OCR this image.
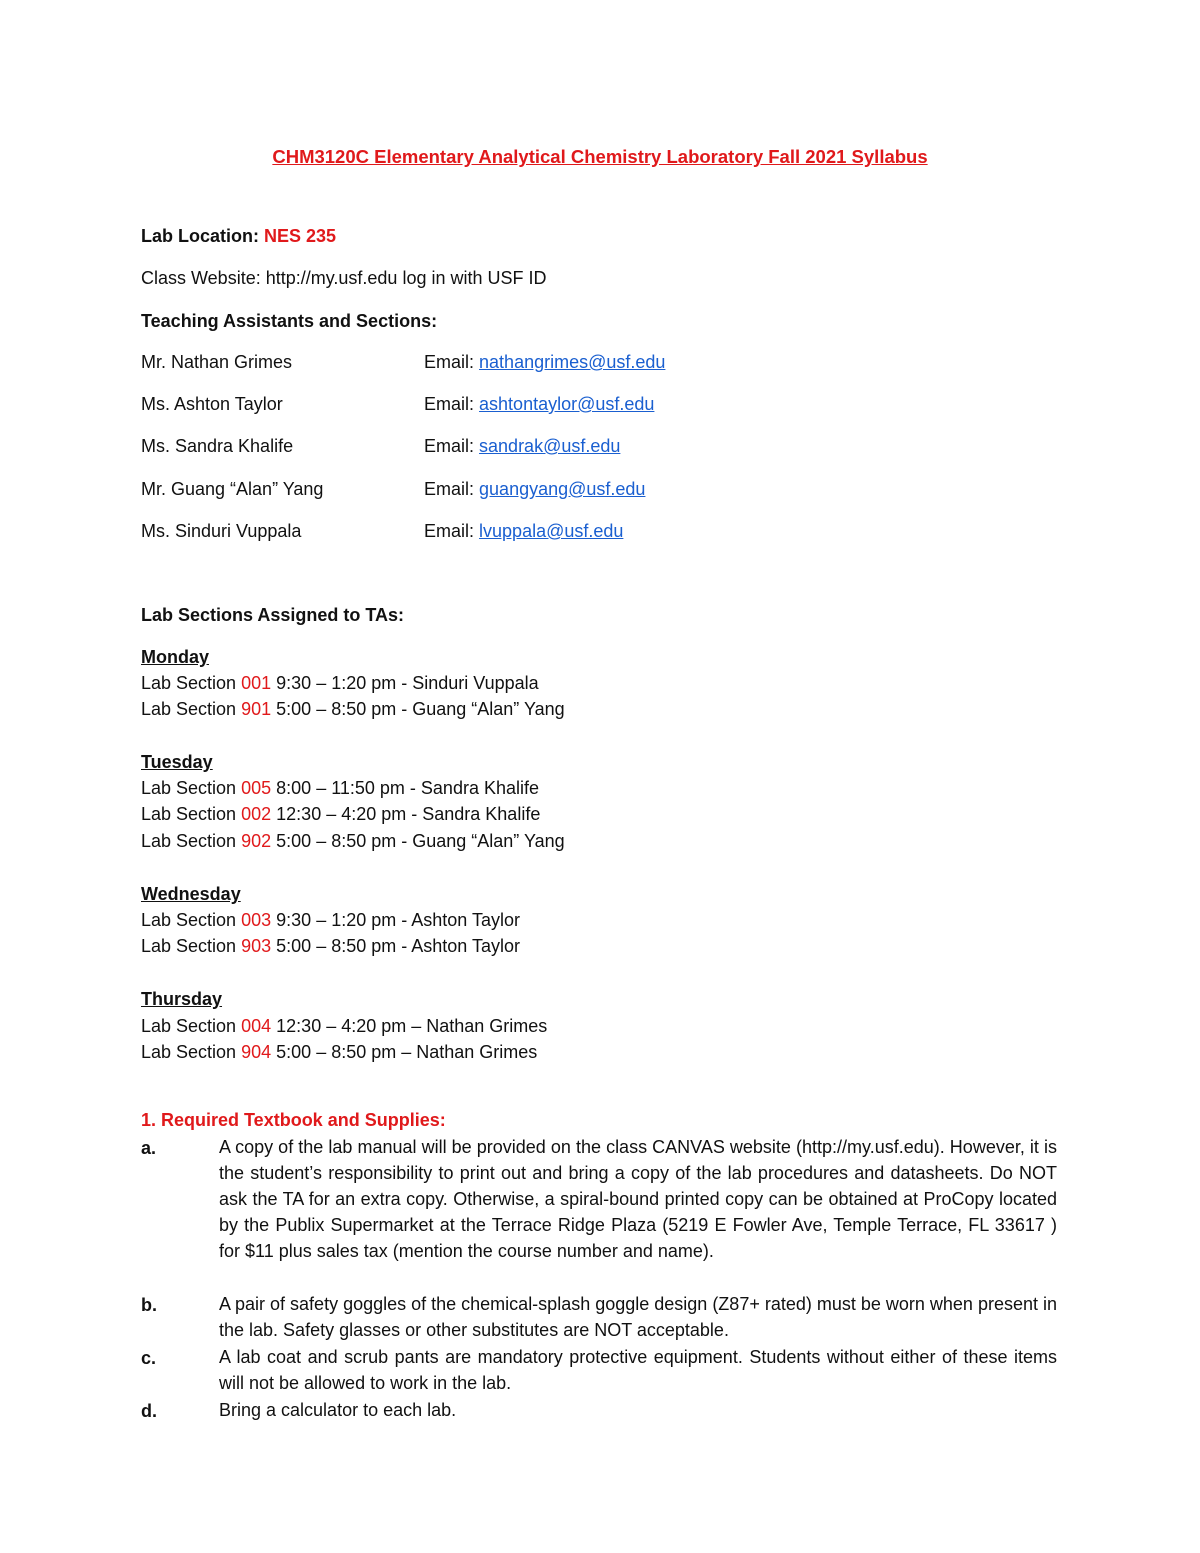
CHM3120C Elementary Analytical Chemistry Laboratory Fall 2021 Syllabus
Lab Location: NES 235
Class Website: http://my.usf.edu log in with USF ID
Teaching Assistants and Sections:
Mr. Nathan Grimes	Email: nathangrimes@usf.edu
Ms. Ashton Taylor	Email: ashtontaylor@usf.edu
Ms. Sandra Khalife	Email: sandrak@usf.edu
Mr. Guang “Alan” Yang	Email: guangyang@usf.edu
Ms. Sinduri Vuppala	Email: lvuppala@usf.edu
Lab Sections Assigned to TAs:
Monday
Lab Section 001 9:30 – 1:20 pm - Sinduri Vuppala
Lab Section 901 5:00 – 8:50 pm - Guang “Alan” Yang
Tuesday
Lab Section 005 8:00 – 11:50 pm - Sandra Khalife
Lab Section 002 12:30 – 4:20 pm - Sandra Khalife
Lab Section 902 5:00 – 8:50 pm - Guang “Alan” Yang
Wednesday
Lab Section 003 9:30 – 1:20 pm - Ashton Taylor
Lab Section 903 5:00 – 8:50 pm - Ashton Taylor
Thursday
Lab Section 004 12:30 – 4:20 pm – Nathan Grimes
Lab Section 904 5:00 – 8:50 pm – Nathan Grimes
1. Required Textbook and Supplies:
a.	A copy of the lab manual will be provided on the class CANVAS website (http://my.usf.edu). However, it is the student’s responsibility to print out and bring a copy of the lab procedures and datasheets. Do NOT ask the TA for an extra copy. Otherwise, a spiral-bound printed copy can be obtained at ProCopy located by the Publix Supermarket at the Terrace Ridge Plaza (5219 E Fowler Ave, Temple Terrace, FL 33617 ) for $11 plus sales tax (mention the course number and name).
b.	A pair of safety goggles of the chemical-splash goggle design (Z87+ rated) must be worn when present in the lab. Safety glasses or other substitutes are NOT acceptable.
c.	A lab coat and scrub pants are mandatory protective equipment. Students without either of these items will not be allowed to work in the lab.
d.	Bring a calculator to each lab.
